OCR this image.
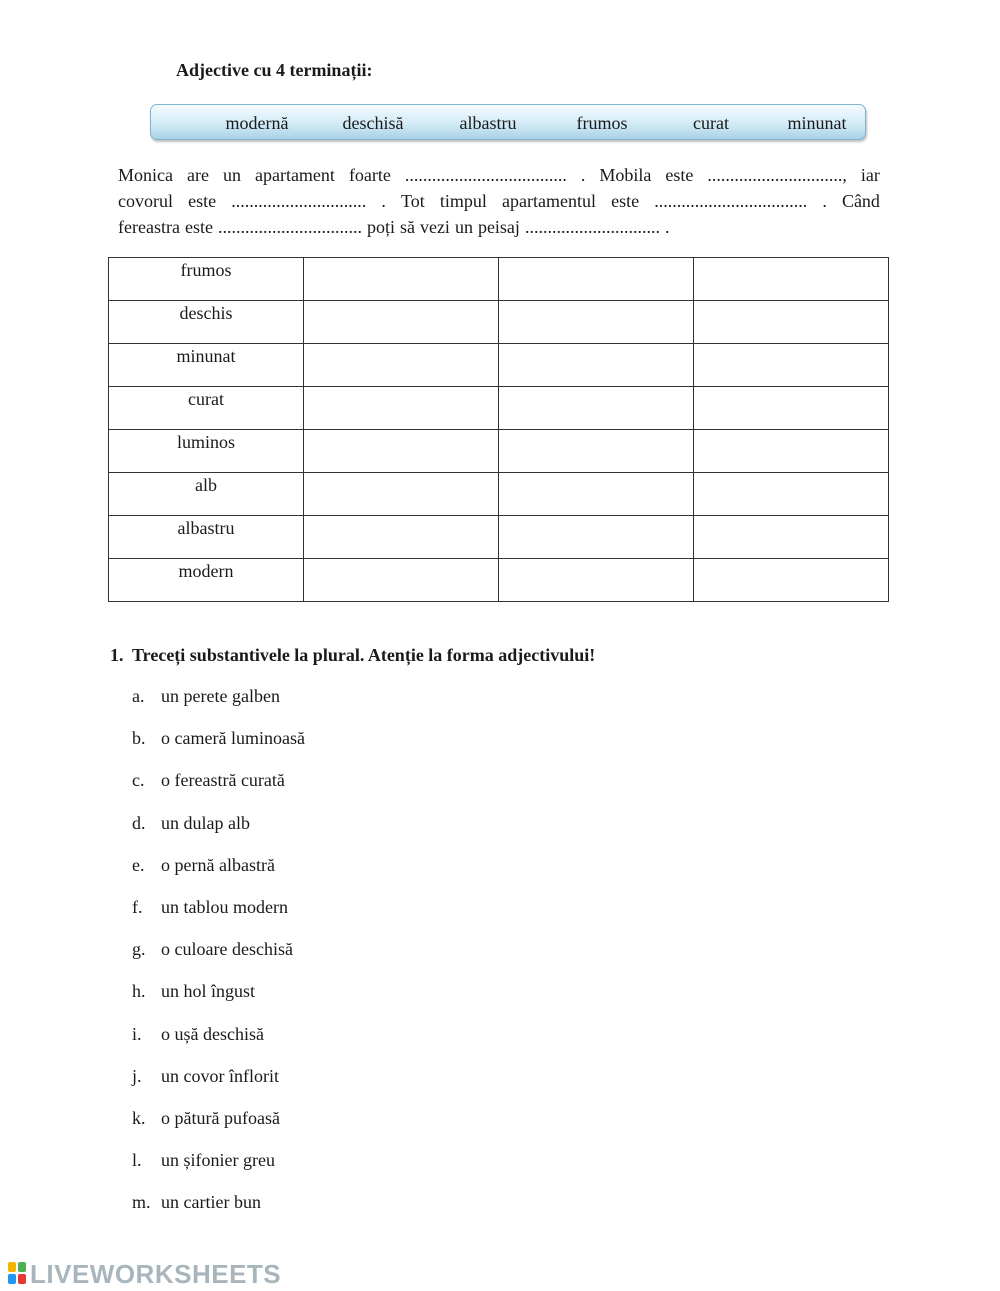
Adjective cu 4 terminații:
modernă	deschisă	albastru	frumos	curat	minunat
Monica are un apartament foarte .................................... . Mobila este .............................., iar
covorul este .............................. . Tot timpul apartamentul este .................................. . Când
fereastra este ................................ poți să vezi un peisaj .............................. .
frumos			
deschis			
minunat			
curat			
luminos			
alb			
albastru			
modern			
1. Treceți substantivele la plural. Atenție la forma adjectivului!
a. un perete galben
b. o cameră luminoasă
c. o fereastră curată
d. un dulap alb
e. o pernă albastră
f.	un tablou modern
g. o culoare deschisă
h. un hol îngust
i.	o ușă deschisă
j.	un covor înflorit
k. o pătură pufoasă
l.	un șifonier greu
m. un cartier bun
LIVEWORKSHEETS
